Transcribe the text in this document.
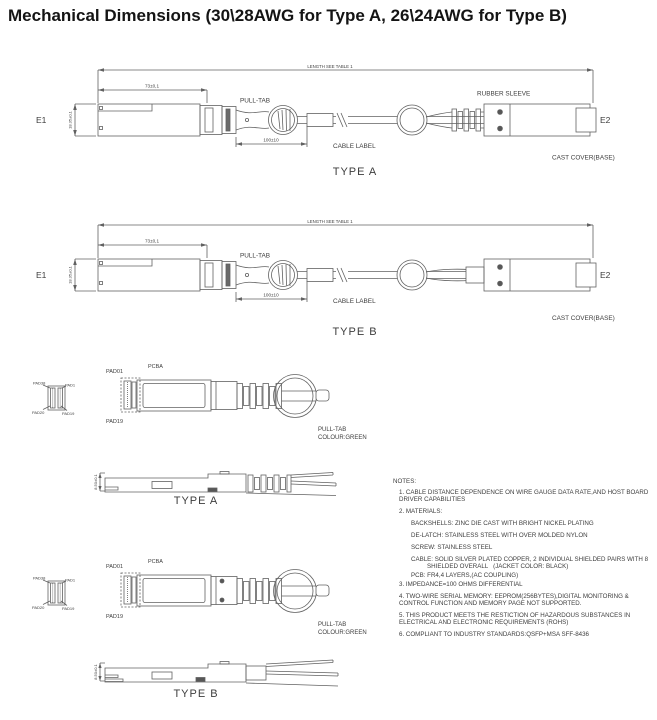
Mechanical Dimensions (30\28AWG for Type A, 26\24AWG for Type B)
LENGTH SEE TABLE 1
73±0,1
18.35±0,1
100±10
PULL-TAB
CABLE LABEL
RUBBER SLEEVE
CAST COVER(BASE)
E1	E2
TYPE A
LENGTH SEE TABLE 1
73±0,1
18.35±0,1
100±10
PULL-TAB
CABLE LABEL
CAST COVER(BASE)
E1	E2
TYPE B
PAD38	PAD1
PAD20	PAD19
PAD01
PCBA
PAD19
PULL-TAB
COLOUR:GREEN
8.50±0.1
TYPE A
PAD38	PAD1
PAD20	PAD19
PAD01
PCBA
PAD19
PULL-TAB
COLOUR:GREEN
8.50±0.1
TYPE B
NOTES:
1. CABLE DISTANCE DEPENDENCE ON WIRE GAUGE DATA RATE,AND HOST BOARD
DRIVER CAPABILITIES
2. MATERIALS:
BACKSHELLS: ZINC DIE CAST WITH BRIGHT NICKEL PLATING
DE-LATCH: STAINLESS STEEL WITH OVER MOLDED NYLON
SCREW: STAINLESS STEEL
CABLE: SOLID SILVER PLATED COPPER, 2 INDIVIDUAL SHIELDED PAIRS WITH 8
SHIELDED OVERALL   (JACKET COLOR: BLACK)
PCB: FR4,4 LAYERS,(AC COUPLING)
3. IMPEDANCE=100 OHMS DIFFERENTIAL
4. TWO-WIRE SERIAL MEMORY: EEPROM(256BYTES),DIGITAL MONITORING &
CONTROL FUNCTION AND MEMORY PAGE NOT SUPPORTED.
5. THIS PRODUCT MEETS THE RESTICTION OF HAZARDOUS SUBSTANCES IN
ELECTRICAL AND ELECTRONIC REQUIREMENTS (ROHS)
6. COMPLIANT TO INDUSTRY STANDARDS:QSFP+MSA SFF-8436
